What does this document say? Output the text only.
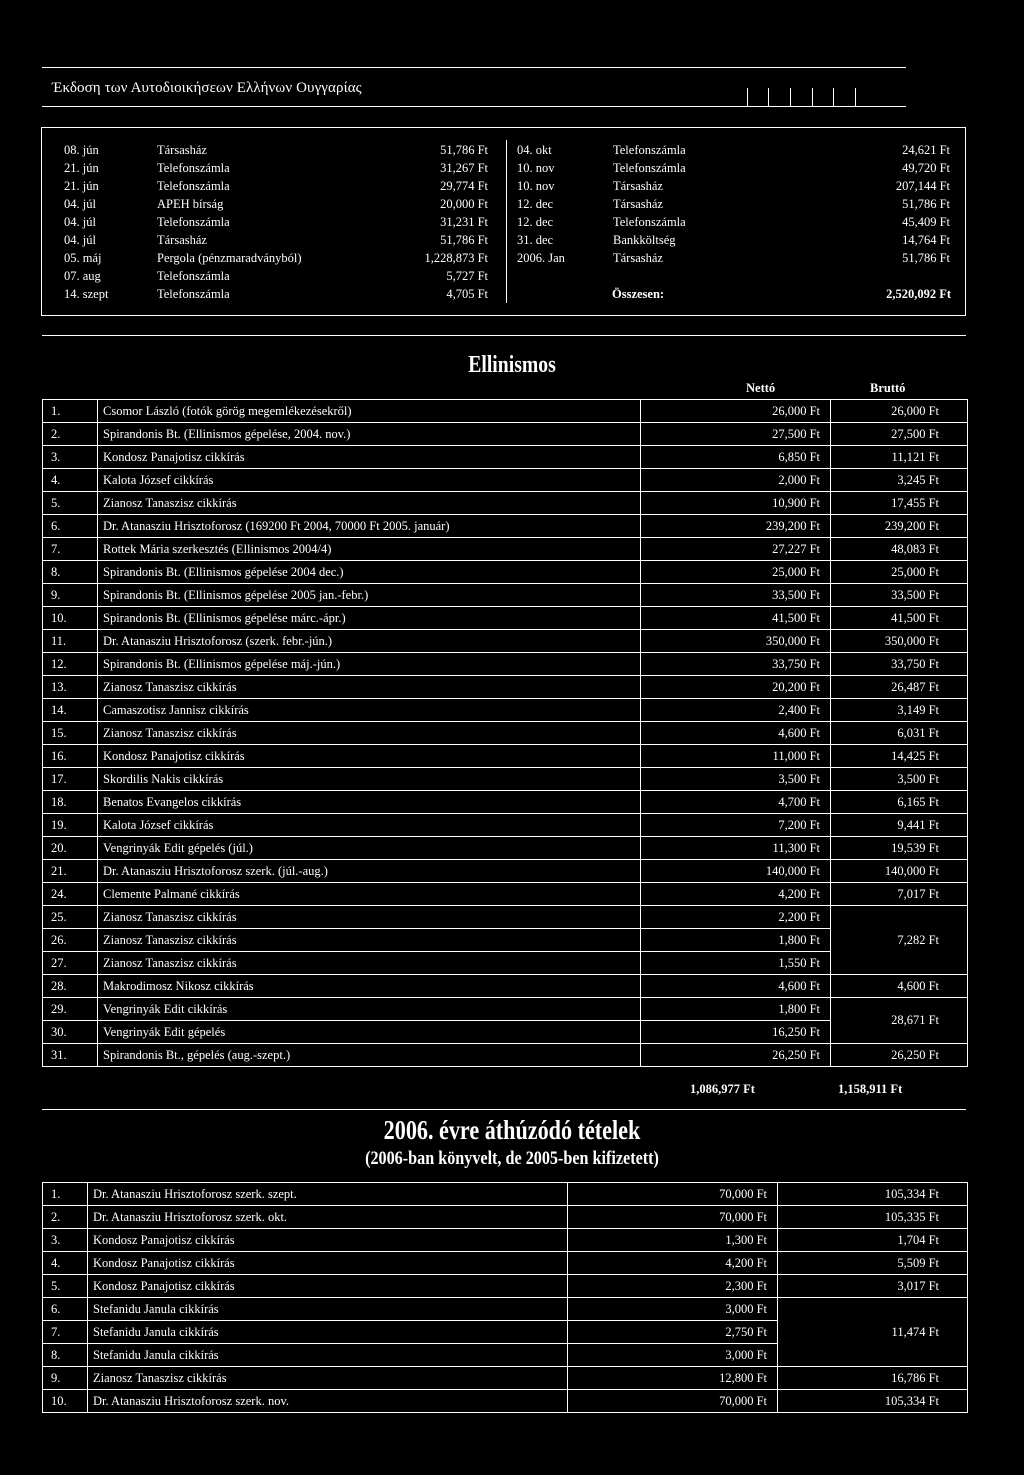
Έκδοση των Αυτοδιοικήσεων Ελλήνων Ουγγαρίας
08. jún	Társasház	51,786 Ft
21. jún	Telefonszámla	31,267 Ft
21. jún	Telefonszámla	29,774 Ft
04. júl	APEH bírság	20,000 Ft
04. júl	Telefonszámla	31,231 Ft
04. júl	Társasház	51,786 Ft
05. máj	Pergola (pénzmaradványból)	1,228,873 Ft
07. aug	Telefonszámla	5,727 Ft
14. szept	Telefonszámla	4,705 Ft
04. okt	Telefonszámla	24,621 Ft
10. nov	Telefonszámla	49,720 Ft
10. nov	Társasház	207,144 Ft
12. dec	Társasház	51,786 Ft
12. dec	Telefonszámla	45,409 Ft
31. dec	Bankköltség	14,764 Ft
2006. Jan	Társasház	51,786 Ft
Összesen:	2,520,092 Ft
Ellinismos
Nettó	Bruttó
1.	Csomor László (fotók görög megemlékezésekről)	26,000 Ft	26,000 Ft
2.	Spirandonis Bt. (Ellinismos gépelése, 2004. nov.)	27,500 Ft	27,500 Ft
3.	Kondosz Panajotisz cikkírás	6,850 Ft	11,121 Ft
4.	Kalota József cikkírás	2,000 Ft	3,245 Ft
5.	Zianosz Tanaszisz cikkírás	10,900 Ft	17,455 Ft
6.	Dr. Atanasziu Hrisztoforosz (169200 Ft 2004, 70000 Ft 2005. január)	239,200 Ft	239,200 Ft
7.	Rottek Mária szerkesztés (Ellinismos 2004/4)	27,227 Ft	48,083 Ft
8.	Spirandonis Bt. (Ellinismos gépelése 2004 dec.)	25,000 Ft	25,000 Ft
9.	Spirandonis Bt. (Ellinismos gépelése 2005 jan.-febr.)	33,500 Ft	33,500 Ft
10.	Spirandonis Bt. (Ellinismos gépelése márc.-ápr.)	41,500 Ft	41,500 Ft
11.	Dr. Atanasziu Hrisztoforosz (szerk. febr.-jún.)	350,000 Ft	350,000 Ft
12.	Spirandonis Bt. (Ellinismos gépelése máj.-jún.)	33,750 Ft	33,750 Ft
13.	Zianosz Tanaszisz cikkírás	20,200 Ft	26,487 Ft
14.	Camaszotisz Jannisz cikkírás	2,400 Ft	3,149 Ft
15.	Zianosz Tanaszisz cikkírás	4,600 Ft	6,031 Ft
16.	Kondosz Panajotisz cikkírás	11,000 Ft	14,425 Ft
17.	Skordilis Nakis cikkírás	3,500 Ft	3,500 Ft
18.	Benatos Evangelos cikkírás	4,700 Ft	6,165 Ft
19.	Kalota József cikkírás	7,200 Ft	9,441 Ft
20.	Vengrinyák Edit gépelés (júl.)	11,300 Ft	19,539 Ft
21.	Dr. Atanasziu Hrisztoforosz szerk. (júl.-aug.)	140,000 Ft	140,000 Ft
24.	Clemente Palmané cikkírás	4,200 Ft	7,017 Ft
25.	Zianosz Tanaszisz cikkírás	2,200 Ft	7,282 Ft
26.	Zianosz Tanaszisz cikkírás	1,800 Ft	
27.	Zianosz Tanaszisz cikkírás	1,550 Ft	
28.	Makrodimosz Nikosz cikkírás	4,600 Ft	4,600 Ft
29.	Vengrinyák Edit cikkírás	1,800 Ft	28,671 Ft
30.	Vengrinyák Edit gépelés	16,250 Ft	
31.	Spirandonis Bt., gépelés (aug.-szept.)	26,250 Ft	26,250 Ft
1,086,977 Ft	1,158,911 Ft
2006. évre áthúzódó tételek
(2006-ban könyvelt, de 2005-ben kifizetett)
1.	Dr. Atanasziu Hrisztoforosz szerk. szept.	70,000 Ft	105,334 Ft
2.	Dr. Atanasziu Hrisztoforosz szerk. okt.	70,000 Ft	105,335 Ft
3.	Kondosz Panajotisz cikkírás	1,300 Ft	1,704 Ft
4.	Kondosz Panajotisz cikkírás	4,200 Ft	5,509 Ft
5.	Kondosz Panajotisz cikkírás	2,300 Ft	3,017 Ft
6.	Stefanidu Janula cikkírás	3,000 Ft	11,474 Ft
7.	Stefanidu Janula cikkírás	2,750 Ft	
8.	Stefanidu Janula cikkírás	3,000 Ft	
9.	Zianosz Tanaszisz cikkírás	12,800 Ft	16,786 Ft
10.	Dr. Atanasziu Hrisztoforosz szerk. nov.	70,000 Ft	105,334 Ft
